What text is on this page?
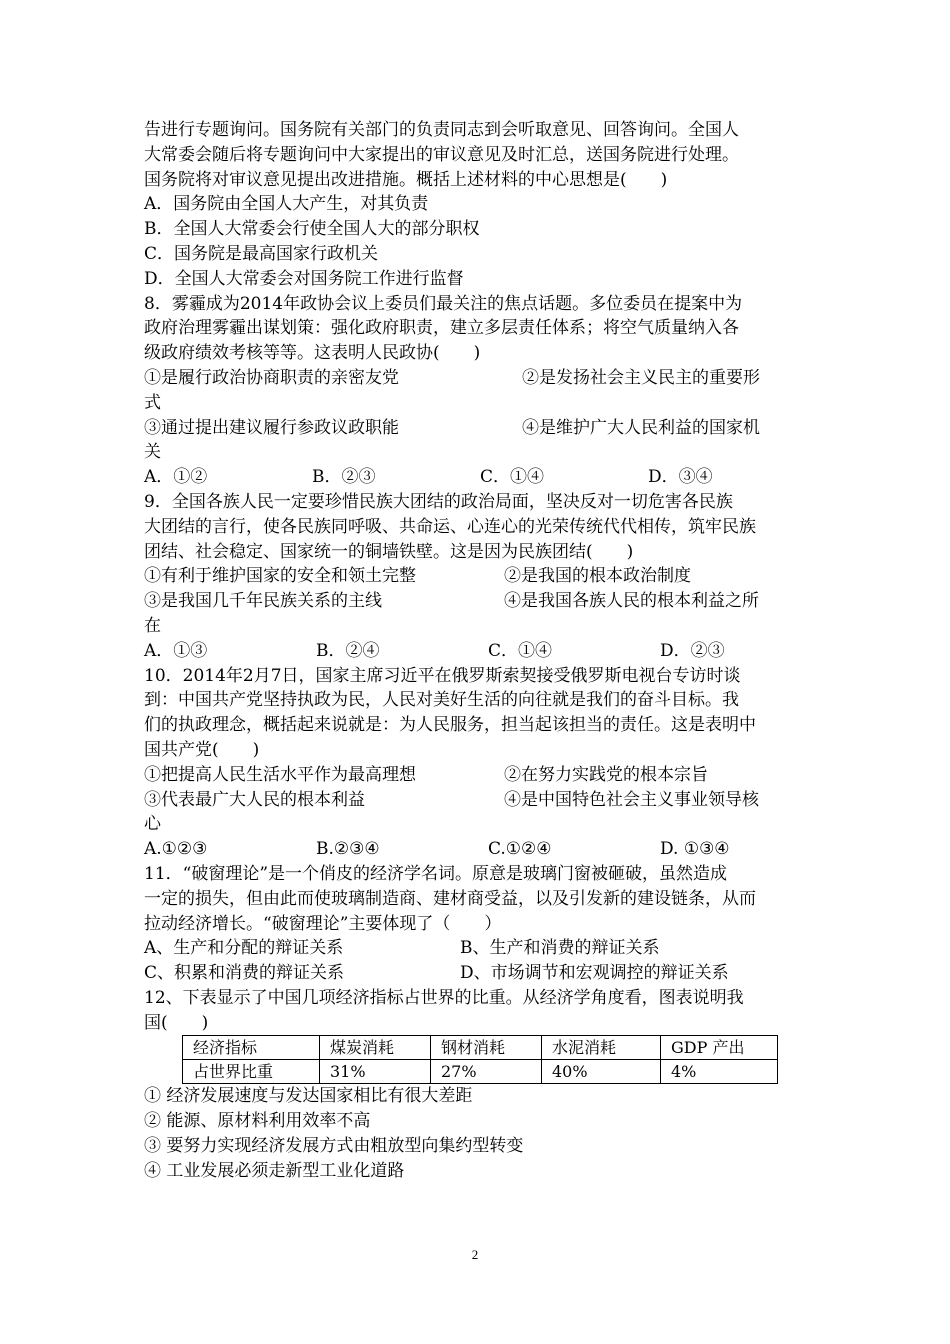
告进行专题询问。国务院有关部门的负责同志到会听取意见、回答询问。全国人
大常委会随后将专题询问中大家提出的审议意见及时汇总，送国务院进行处理。
国务院将对审议意见提出改进措施。概括上述材料的中心思想是(　　)
A．国务院由全国人大产生，对其负责
B．全国人大常委会行使全国人大的部分职权
C．国务院是最高国家行政机关
D．全国人大常委会对国务院工作进行监督
8．雾霾成为2014年政协会议上委员们最关注的焦点话题。多位委员在提案中为
政府治理雾霾出谋划策：强化政府职责，建立多层责任体系；将空气质量纳入各
级政府绩效考核等等。这表明人民政协(　　)
①是履行政治协商职责的亲密友党	②是发扬社会主义民主的重要形
式
③通过提出建议履行参政议政职能	④是维护广大人民利益的国家机
关
A．①②	B．②③	C．①④	D．③④
9．全国各族人民一定要珍惜民族大团结的政治局面，坚决反对一切危害各民族
大团结的言行，使各民族同呼吸、共命运、心连心的光荣传统代代相传，筑牢民族
团结、社会稳定、国家统一的铜墙铁壁。这是因为民族团结(　　)
①有利于维护国家的安全和领土完整	②是我国的根本政治制度
③是我国几千年民族关系的主线	④是我国各族人民的根本利益之所
在
A．①③	B．②④	C．①④	D．②③
10．2014年2月7日，国家主席习近平在俄罗斯索契接受俄罗斯电视台专访时谈
到：中国共产党坚持执政为民，人民对美好生活的向往就是我们的奋斗目标。我
们的执政理念，概括起来说就是：为人民服务，担当起该担当的责任。这是表明中
国共产党(　　)
①把提高人民生活水平作为最高理想	②在努力实践党的根本宗旨
③代表最广大人民的根本利益	④是中国特色社会主义事业领导核
心
A.①②③	B.②③④	C.①②④	D. ①③④
11．“破窗理论”是一个俏皮的经济学名词。原意是玻璃门窗被砸破，虽然造成
一定的损失，但由此而使玻璃制造商、建材商受益，以及引发新的建设链条，从而
拉动经济增长。“破窗理论”主要体现了（　　）
A、生产和分配的辩证关系	B、生产和消费的辩证关系
C、积累和消费的辩证关系	D、市场调节和宏观调控的辩证关系
12、下表显示了中国几项经济指标占世界的比重。从经济学角度看，图表说明我
国(　　)
经济指标	煤炭消耗	钢材消耗	水泥消耗	GDP 产出
占世界比重	31%	27%	40%	4%
① 经济发展速度与发达国家相比有很大差距
② 能源、原材料利用效率不高
③ 要努力实现经济发展方式由粗放型向集约型转变
④ 工业发展必须走新型工业化道路
2
